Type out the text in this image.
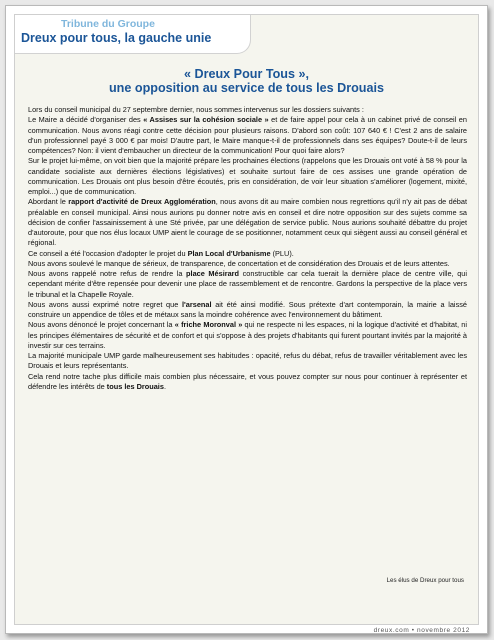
Tribune du Groupe
Dreux pour tous, la gauche unie
« Dreux Pour Tous »,
une opposition au service de tous les Drouais

Lors du conseil municipal du 27 septembre dernier, nous sommes intervenus sur les dossiers suivants :

Le Maire a décidé d'organiser des « Assises sur la cohésion sociale » et de faire appel pour cela à un cabinet privé de conseil en communication. Nous avons réagi contre cette décision pour plusieurs raisons. D'abord son coût: 107 640 € ! C'est 2 ans de salaire d'un professionnel payé 3 000 € par mois! D'autre part, le Maire manque-t-il de professionnels dans ses équipes? Doute-t-il de leurs compétences? Non: il vient d'embaucher un directeur de la communication! Pour quoi faire alors?

Sur le projet lui-même, on voit bien que la majorité prépare les prochaines élections (rappelons que les Drouais ont voté à 58 % pour la candidate socialiste aux dernières élections législatives) et souhaite surtout faire de ces assises une grande opération de communication. Les Drouais ont plus besoin d'être écoutés, pris en considération, de voir leur situation s'améliorer (logement, mixité, emploi...) que de communication.

Abordant le rapport d'activité de Dreux Agglomération, nous avons dit au maire combien nous regrettions qu'il n'y ait pas de débat préalable en conseil municipal. Ainsi nous aurions pu donner notre avis en conseil et dire notre opposition sur des sujets comme sa décision de confier l'assainissement à une Sté privée, par une délégation de service public. Nous aurions souhaité débattre du projet d'autoroute, pour que nos élus locaux UMP aient le courage de se positionner, notamment ceux qui siègent aussi au conseil général et régional.

Ce conseil a été l'occasion d'adopter le projet du Plan Local d'Urbanisme (PLU).

Nous avons soulevé le manque de sérieux, de transparence, de concertation et de considération des Drouais et de leurs attentes.

Nous avons rappelé notre refus de rendre la place Mésirard constructible car cela tuerait la dernière place de centre ville, qui cependant mérite d'être repensée pour devenir une place de rassemblement et de rencontre. Gardons la perspective de la place vers le tribunal et la Chapelle Royale.

Nous avons aussi exprimé notre regret que l'arsenal ait été ainsi modifié. Sous prétexte d'art contemporain, la mairie a laissé construire un appendice de tôles et de métaux sans la moindre cohérence avec l'environnement du bâtiment.

Nous avons dénoncé le projet concernant la « friche Moronval » qui ne respecte ni les espaces, ni la logique d'activité et d'habitat, ni les principes élémentaires de sécurité et de confort et qui s'oppose à des projets d'habitants qui furent pourtant invités par la majorité à investir sur ces terrains.

La majorité municipale UMP garde malheureusement ses habitudes : opacité, refus du débat, refus de travailler véritablement avec les Drouais et leurs représentants.

Cela rend notre tache plus difficile mais combien plus nécessaire, et vous pouvez compter sur nous pour continuer à représenter et défendre les intérêts de tous les Drouais.

Les élus de Dreux pour tous
dreux.com • novembre 2012
